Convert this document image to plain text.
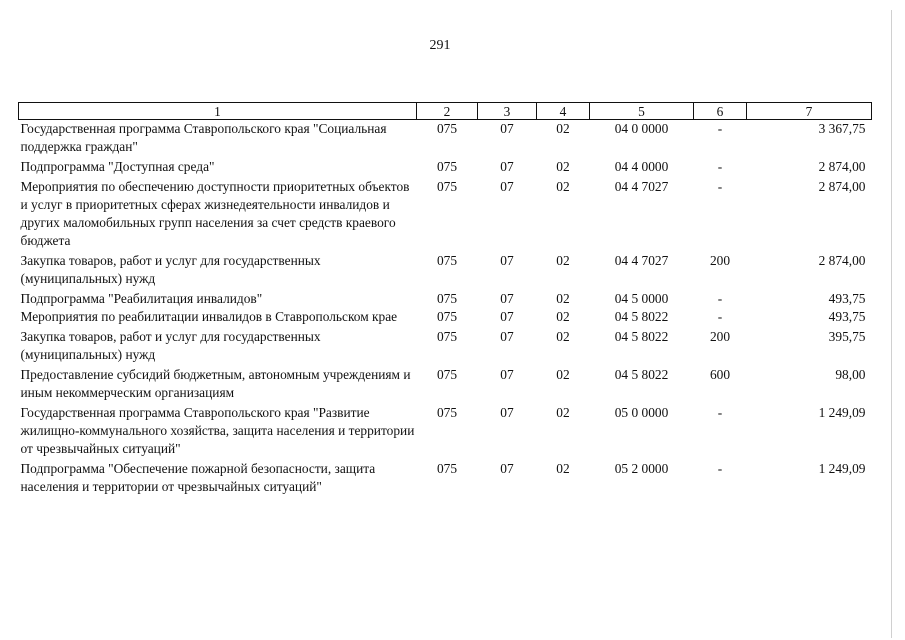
291
1	2	3	4	5	6	7
Государственная программа Ставропольского края "Социальная поддержка граждан"	075	07	02	04 0 0000	-	3 367,75
Подпрограмма "Доступная среда"	075	07	02	04 4 0000	-	2 874,00
Мероприятия по обеспечению доступности приоритетных объектов и услуг в приоритетных сферах жизнедеятельности инвалидов и других маломобильных групп населения за счет средств краевого бюджета	075	07	02	04 4 7027	-	2 874,00
Закупка товаров, работ и услуг для государственных (муниципальных) нужд	075	07	02	04 4 7027	200	2 874,00
Подпрограмма "Реабилитация инвалидов"	075	07	02	04 5 0000	-	493,75
Мероприятия по реабилитации инвалидов в Ставропольском крае	075	07	02	04 5 8022	-	493,75
Закупка товаров, работ и услуг для государственных (муниципальных) нужд	075	07	02	04 5 8022	200	395,75
Предоставление субсидий бюджетным, автономным учреждениям и иным некоммерческим организациям	075	07	02	04 5 8022	600	98,00
Государственная программа Ставропольского края "Развитие жилищно-коммунального хозяйства, защита населения и территории от чрезвычайных ситуаций"	075	07	02	05 0 0000	-	1 249,09
Подпрограмма "Обеспечение пожарной безопасности, защита населения и территории от чрезвычайных ситуаций"	075	07	02	05 2 0000	-	1 249,09
